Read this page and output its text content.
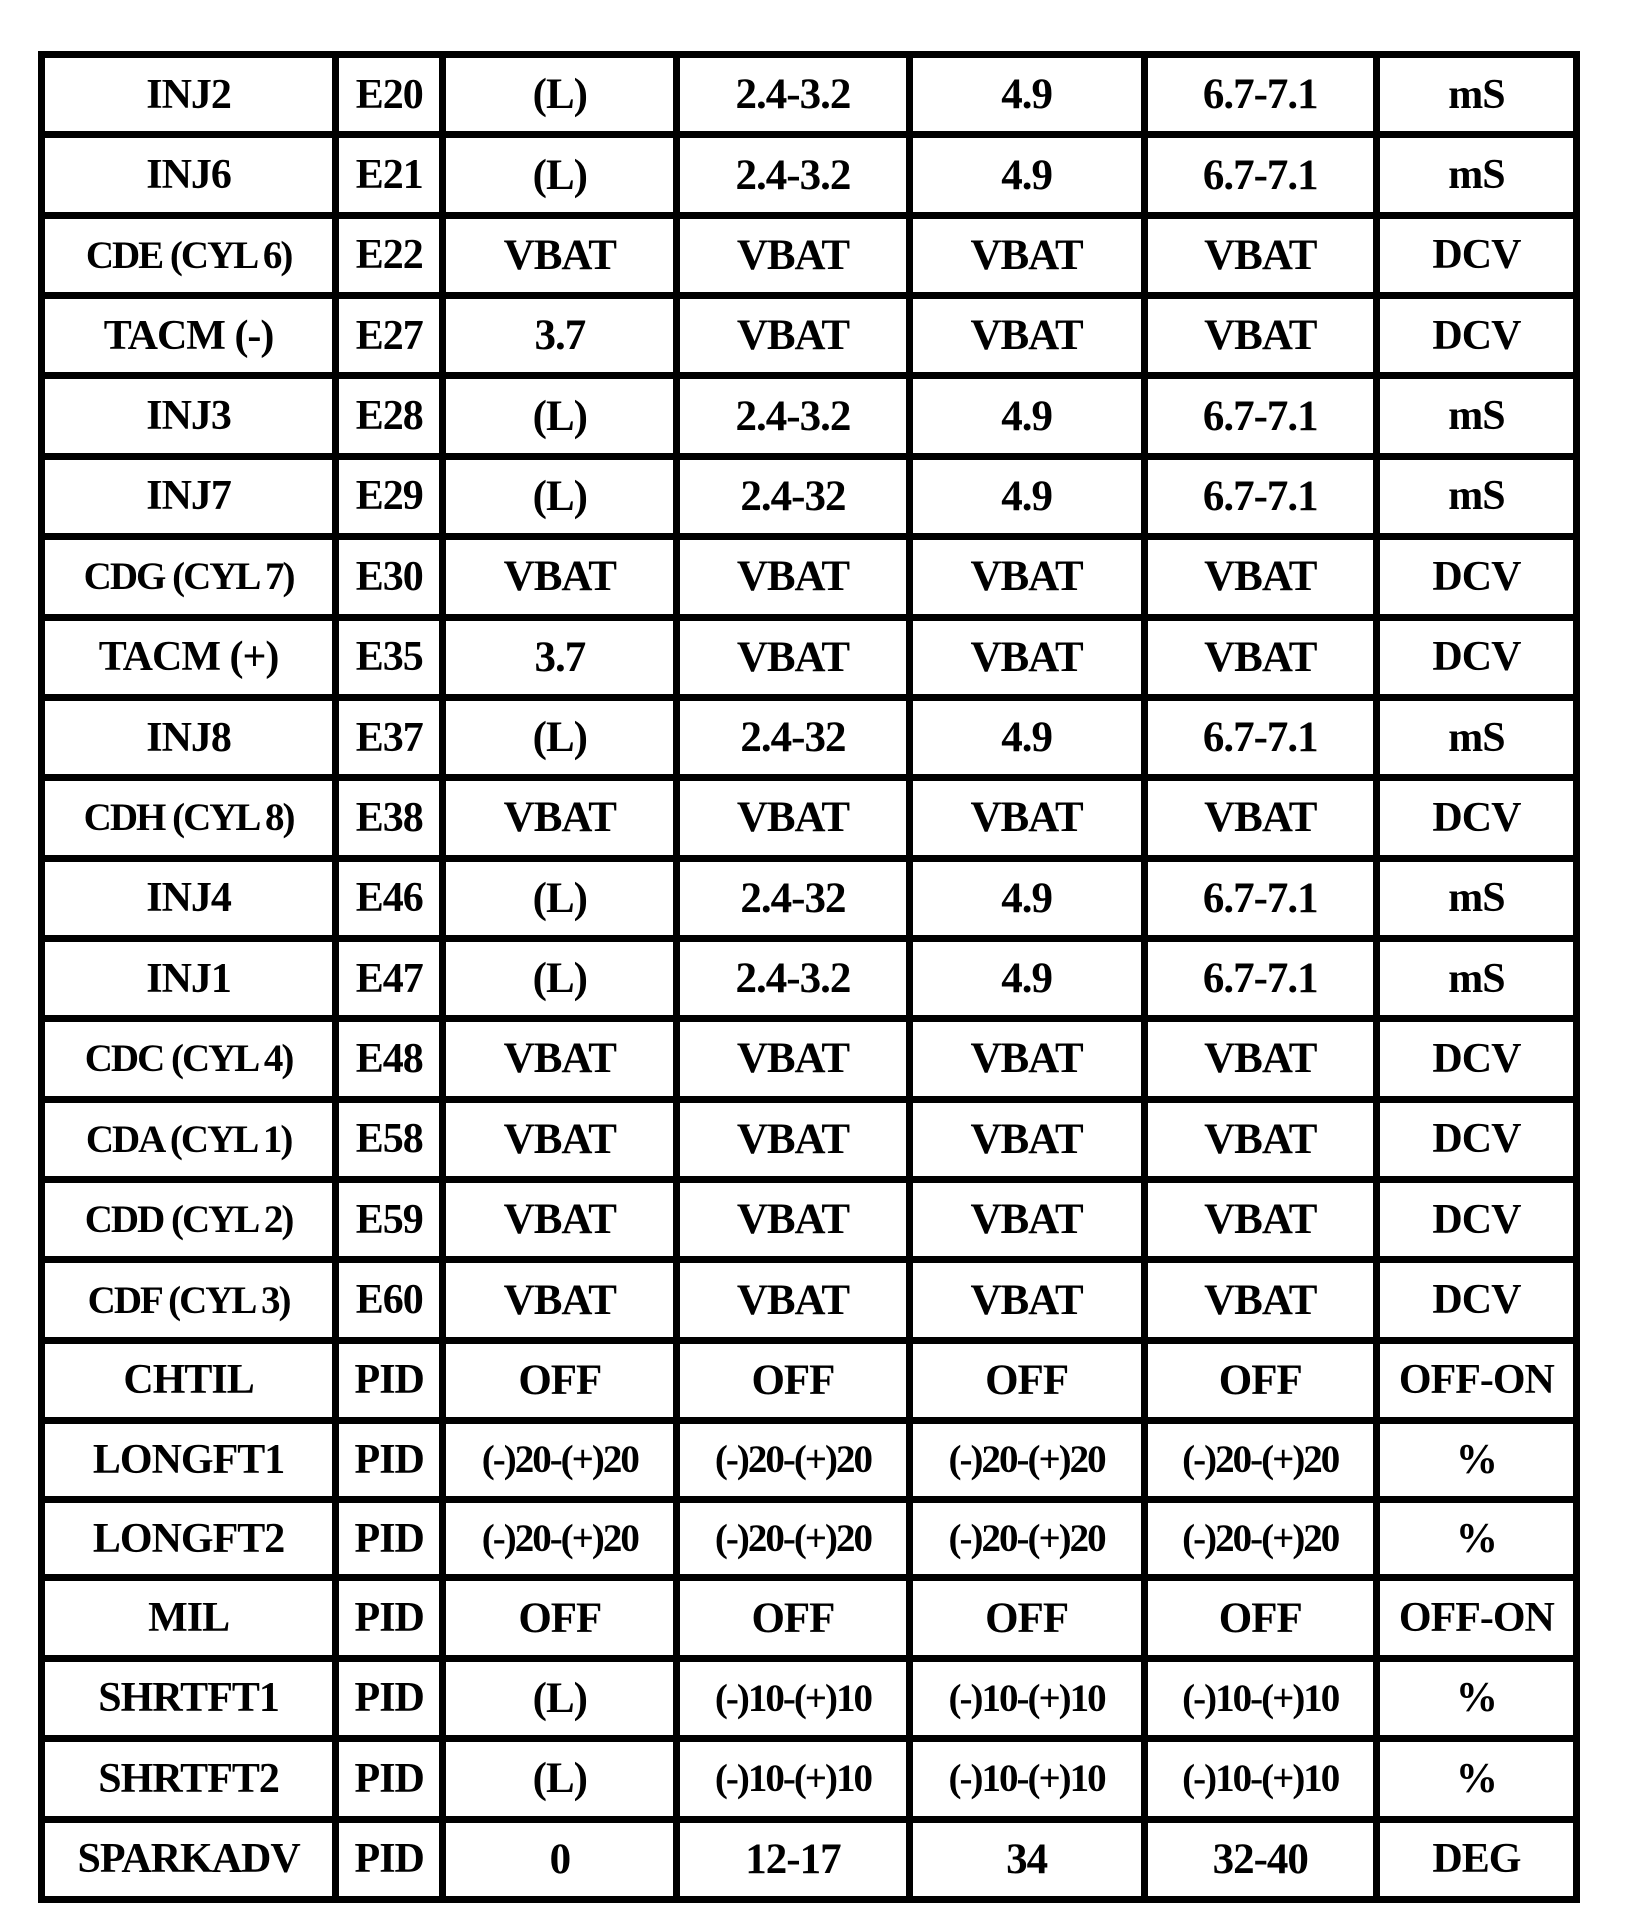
INJ2	E20	(L)	2.4-3.2	4.9	6.7-7.1	mS
INJ6	E21	(L)	2.4-3.2	4.9	6.7-7.1	mS
CDE (CYL 6)	E22	VBAT	VBAT	VBAT	VBAT	DCV
TACM (-)	E27	3.7	VBAT	VBAT	VBAT	DCV
INJ3	E28	(L)	2.4-3.2	4.9	6.7-7.1	mS
INJ7	E29	(L)	2.4-32	4.9	6.7-7.1	mS
CDG (CYL 7)	E30	VBAT	VBAT	VBAT	VBAT	DCV
TACM (+)	E35	3.7	VBAT	VBAT	VBAT	DCV
INJ8	E37	(L)	2.4-32	4.9	6.7-7.1	mS
CDH (CYL 8)	E38	VBAT	VBAT	VBAT	VBAT	DCV
INJ4	E46	(L)	2.4-32	4.9	6.7-7.1	mS
INJ1	E47	(L)	2.4-3.2	4.9	6.7-7.1	mS
CDC (CYL 4)	E48	VBAT	VBAT	VBAT	VBAT	DCV
CDA (CYL 1)	E58	VBAT	VBAT	VBAT	VBAT	DCV
CDD (CYL 2)	E59	VBAT	VBAT	VBAT	VBAT	DCV
CDF (CYL 3)	E60	VBAT	VBAT	VBAT	VBAT	DCV
CHTIL	PID	OFF	OFF	OFF	OFF	OFF-ON
LONGFT1	PID	(-)20-(+)20	(-)20-(+)20	(-)20-(+)20	(-)20-(+)20	%
LONGFT2	PID	(-)20-(+)20	(-)20-(+)20	(-)20-(+)20	(-)20-(+)20	%
MIL	PID	OFF	OFF	OFF	OFF	OFF-ON
SHRTFT1	PID	(L)	(-)10-(+)10	(-)10-(+)10	(-)10-(+)10	%
SHRTFT2	PID	(L)	(-)10-(+)10	(-)10-(+)10	(-)10-(+)10	%
SPARKADV	PID	0	12-17	34	32-40	DEG
